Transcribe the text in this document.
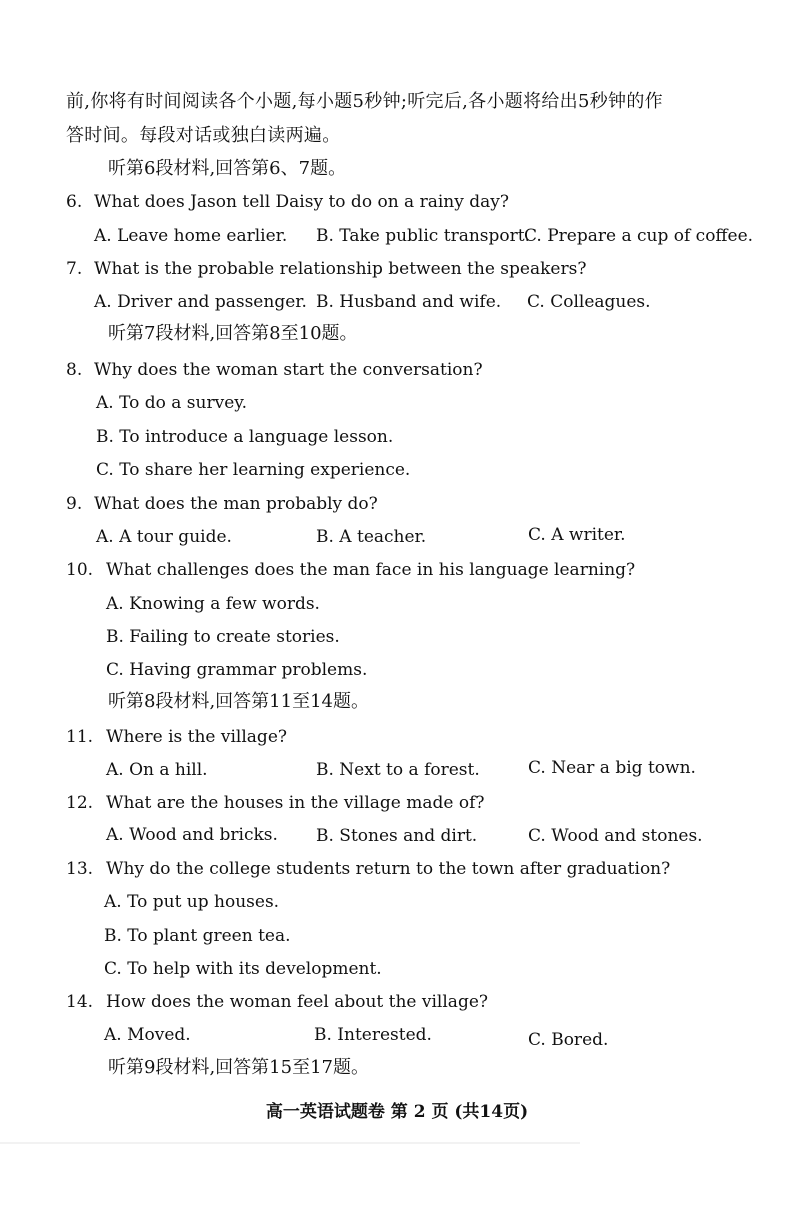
前,你将有时间阅读各个小题,每小题5秒钟;听完后,各小题将给出5秒钟的作
答时间。每段对话或独白读两遍。
听第6段材料,回答第6、7题。
6. What does Jason tell Daisy to do on a rainy day?
A. Leave home earlier. B. Take public transport.
C. Prepare a cup of coffee.
7. What is the probable relationship between the speakers?
A. Driver and passenger. B. Husband and wife. C. Colleagues.
听第7段材料,回答第8至10题。
8. Why does the woman start the conversation?
A. To do a survey.
B. To introduce a language lesson.
C. To share her learning experience.
9. What does the man probably do?
A. A tour guide.	B. A teacher.	C. A writer.
10. What challenges does the man face in his language learning?
A. Knowing a few words.
B. Failing to create stories.
C. Having grammar problems.
听第8段材料,回答第11至14题。
11. Where is the village?
A. On a hill.	B. Next to a forest.	C. Near a big town.
12. What are the houses in the village made of?
A. Wood and bricks. B. Stones and dirt.	C. Wood and stones.
13. Why do the college students return to the town after graduation?
A. To put up houses.
B. To plant green tea.
C. To help with its development.
14. How does the woman feel about the village?
A. Moved.	B. Interested.	C. Bored.
听第9段材料,回答第15至17题。
高一英语试题卷 第 2 页 (共14页)
